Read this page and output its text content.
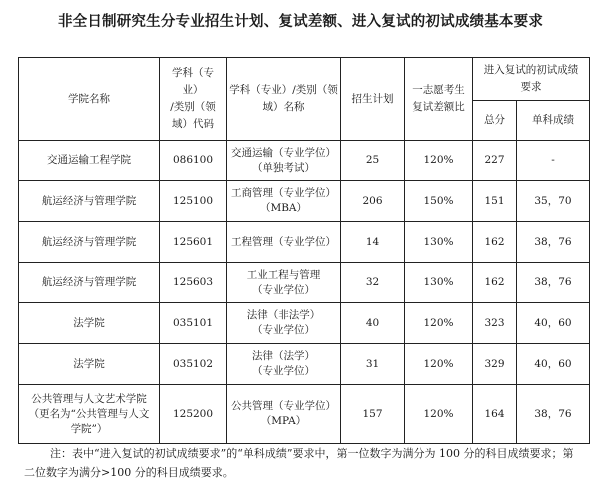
非全日制研究生分专业招生计划、复试差额、进入复试的初试成绩基本要求
学院名称	学科（专业）
/类别（领
域）代码	学科（专业）/类别（领
域）名称	招生计划	一志愿考生
复试差额比	进入复试的初试成绩
要求	
					总分	单科成绩
交通运输工程学院	086100	交通运输（专业学位）
（单独考试）	25	120%	227	-
航运经济与管理学院	125100	工商管理（专业学位）
（MBA）	206	150%	151	35，70
航运经济与管理学院	125601	工程管理（专业学位）	14	130%	162	38，76
航运经济与管理学院	125603	工业工程与管理
（专业学位）	32	130%	162	38，76
法学院	035101	法律（非法学）
（专业学位）	40	120%	323	40，60
法学院	035102	法律（法学）
（专业学位）	31	120%	329	40，60
公共管理与人文艺术学院
（更名为“公共管理与人文
学院”）	125200	公共管理（专业学位）
（MPA）	157	120%	164	38，76
注：表中“进入复试的初试成绩要求”的“单科成绩”要求中，第一位数字为满分为 100 分的科目成绩要求；第二位数字为满分>100 分的科目成绩要求。
